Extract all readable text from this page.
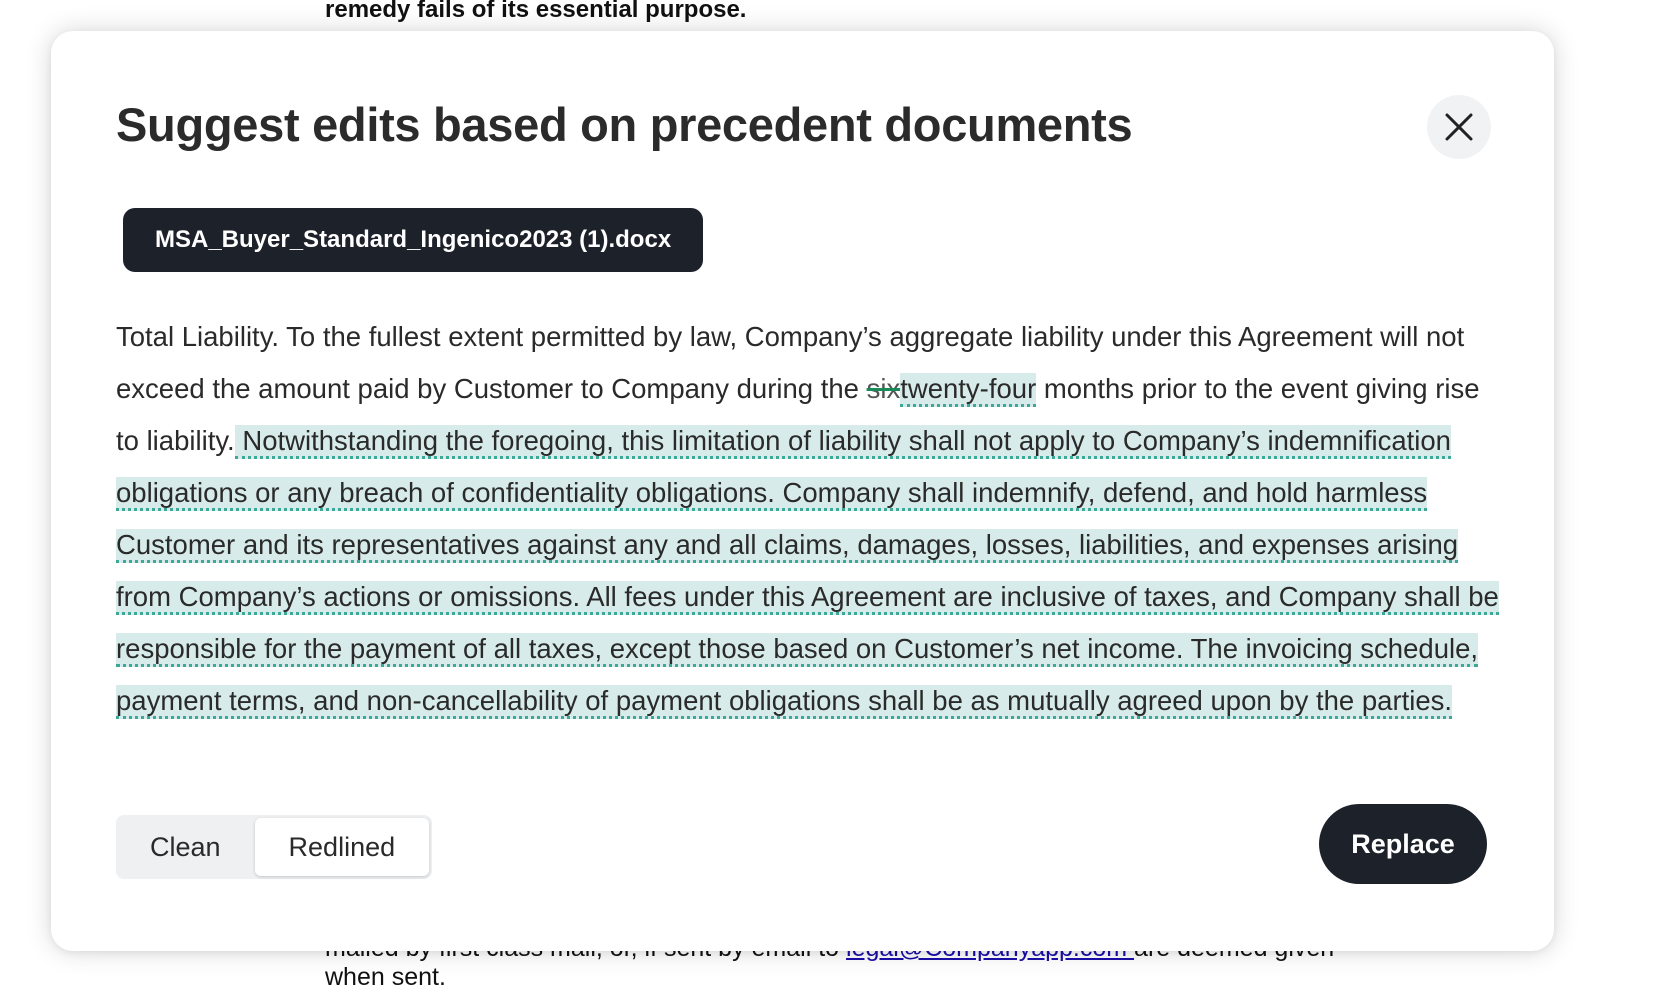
remedy fails of its essential purpose.
when sent.
Suggest edits based on precedent documents
MSA_Buyer_Standard_Ingenico2023 (1).docx
Total Liability. To the fullest extent permitted by law, Company’s aggregate liability under this Agreement will not exceed the amount paid by Customer to Company during the sixtwenty-four months prior to the event giving rise to liability. Notwithstanding the foregoing, this limitation of liability shall not apply to Company’s indemnification obligations or any breach of confidentiality obligations. Company shall indemnify, defend, and hold harmless Customer and its representatives against any and all claims, damages, losses, liabilities, and expenses arising from Company’s actions or omissions. All fees under this Agreement are inclusive of taxes, and Company shall be responsible for the payment of all taxes, except those based on Customer’s net income. The invoicing schedule, payment terms, and non-cancellability of payment obligations shall be as mutually agreed upon by the parties.
Clean	Redlined	Replace
